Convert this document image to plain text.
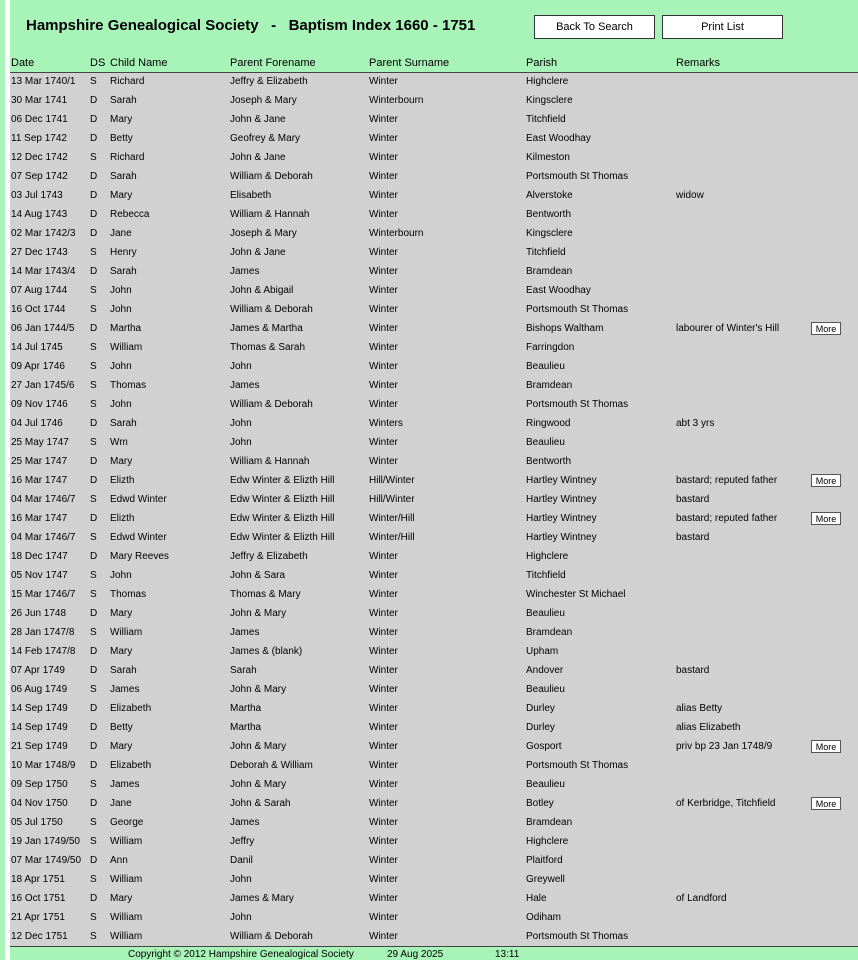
Hampshire Genealogical Society   -   Baptism Index 1660 - 1751	Back To Search	Print List
Date	DS Child Name	Parent Forename	Parent Surname	Parish	Remarks
13 Mar 1740/1 S Richard	Jeffry & Elizabeth	Winter	Highclere
30 Mar 1741 D Sarah	Joseph & Mary	Winterbourn	Kingsclere
06 Dec 1741 D Mary	John & Jane	Winter	Titchfield
11 Sep 1742 D Betty	Geofrey & Mary	Winter	East Woodhay
12 Dec 1742 S Richard	John & Jane	Winter	Kilmeston
07 Sep 1742 D Sarah	William & Deborah	Winter	Portsmouth St Thomas
03 Jul 1743	D Mary	Elisabeth	Winter	Alverstoke	widow
14 Aug 1743 D Rebecca	William & Hannah	Winter	Bentworth
02 Mar 1742/3 D Jane	Joseph & Mary	Winterbourn	Kingsclere
27 Dec 1743 S Henry	John & Jane	Winter	Titchfield
14 Mar 1743/4 D Sarah	James	Winter	Bramdean
07 Aug 1744 S John	John & Abigail	Winter	East Woodhay
16 Oct 1744 S John	William & Deborah	Winter	Portsmouth St Thomas
06 Jan 1744/5 D Martha	James & Martha	Winter	Bishops Waltham	labourer of Winter's Hill	More
14 Jul 1745	S William	Thomas & Sarah	Winter	Farringdon
09 Apr 1746	S John	John	Winter	Beaulieu
27 Jan 1745/6 S Thomas	James	Winter	Bramdean
09 Nov 1746 S John	William & Deborah	Winter	Portsmouth St Thomas
04 Jul 1746	D Sarah	John	Winters	Ringwood	abt 3 yrs
25 May 1747 S Wm	John	Winter	Beaulieu
25 Mar 1747 D Mary	William & Hannah	Winter	Bentworth
16 Mar 1747 D Elizth	Edw Winter & Elizth Hill	Hill/Winter	Hartley Wintney	bastard; reputed father	More
04 Mar 1746/7 S Edwd Winter	Edw Winter & Elizth Hill	Hill/Winter	Hartley Wintney	bastard
16 Mar 1747 D Elizth	Edw Winter & Elizth Hill	Winter/Hill	Hartley Wintney	bastard; reputed father	More
04 Mar 1746/7 S Edwd Winter	Edw Winter & Elizth Hill	Winter/Hill	Hartley Wintney	bastard
18 Dec 1747 D Mary Reeves	Jeffry & Elizabeth	Winter	Highclere
05 Nov 1747 S John	John & Sara	Winter	Titchfield
15 Mar 1746/7 S Thomas	Thomas & Mary	Winter	Winchester St Michael
26 Jun 1748 D Mary	John & Mary	Winter	Beaulieu
28 Jan 1747/8 S William	James	Winter	Bramdean
14 Feb 1747/8 D Mary	James & (blank)	Winter	Upham
07 Apr 1749	D Sarah	Sarah	Winter	Andover	bastard
06 Aug 1749 S James	John & Mary	Winter	Beaulieu
14 Sep 1749 D Elizabeth	Martha	Winter	Durley	alias Betty
14 Sep 1749 D Betty	Martha	Winter	Durley	alias Elizabeth
21 Sep 1749 D Mary	John & Mary	Winter	Gosport	priv bp 23 Jan 1748/9	More
10 Mar 1748/9 D Elizabeth	Deborah & William	Winter	Portsmouth St Thomas
09 Sep 1750 S James	John & Mary	Winter	Beaulieu
04 Nov 1750 D Jane	John & Sarah	Winter	Botley	of Kerbridge, Titchfield	More
05 Jul 1750	S George	James	Winter	Bramdean
19 Jan 1749/50 S William	Jeffry	Winter	Highclere
07 Mar 1749/50 D Ann	Danil	Winter	Plaitford
18 Apr 1751	S William	John	Winter	Greywell
16 Oct 1751 D Mary	James & Mary	Winter	Hale	of Landford
21 Apr 1751	S William	John	Winter	Odiham
12 Dec 1751 S William	William & Deborah	Winter	Portsmouth St Thomas
Copyright © 2012 Hampshire Genealogical Society	29 Aug 2025	13:11
